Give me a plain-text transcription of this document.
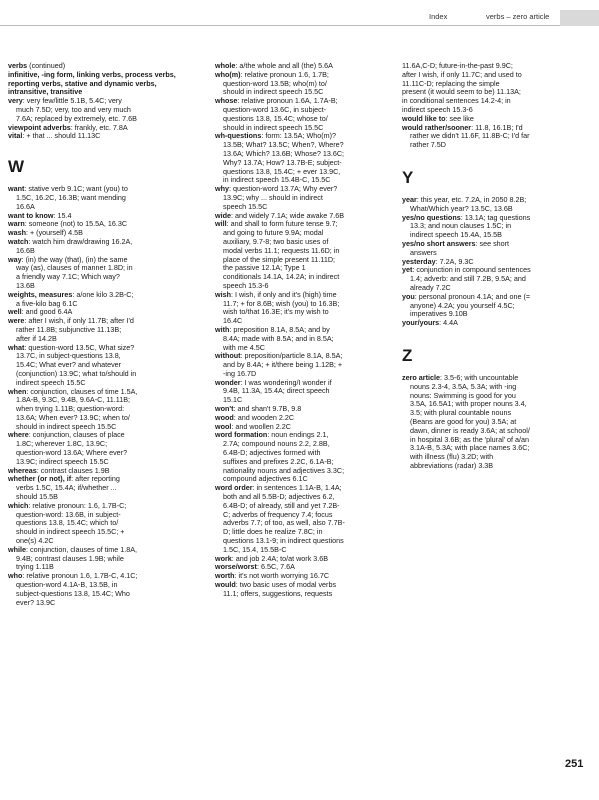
Index	verbs – zero article
verbs (continued)
infinitive, -ing form, linking verbs, process verbs, reporting verbs, stative and dynamic verbs, intransitive, transitive
very: very few/little 5.1B, 5.4C; very
much 7.5D; very, too and very much
7.6A; replaced by extremely, etc. 7.6B
viewpoint adverbs: frankly, etc. 7.8A
vital: + that ... should 11.13C
W
want: stative verb 9.1C; want (you) to
1.5C, 16.2C, 16.3B; want mending
16.6A
want to know: 15.4
warn: someone (not) to 15.5A, 16.3C
wash: + (yourself) 4.5B
watch: watch him draw/drawing 16.2A,
16.6B
way: (in) the way (that), (in) the same
way (as), clauses of manner 1.8D; in
a friendly way 7.1C; Which way?
13.6B
weights, measures: a/one kilo 3.2B-C;
a five-kilo bag 6.1C
well: and good 6.4A
were: after I wish, if only 11.7B; after I'd
rather 11.8B; subjunctive 11.13B;
after if 14.2B
what: question-word 13.5C, What size?
13.7C, in subject-questions 13.8,
15.4C; What ever? and whatever
(conjunction) 13.9C; what to/should in
indirect speech 15.5C
when: conjunction, clauses of time 1.5A,
1.8A-B, 9.3C, 9.4B, 9.6A-C, 11.11B;
when trying 1.11B; question-word:
13.6A; When ever? 13.9C; when to/
should in indirect speech 15.5C
where: conjunction, clauses of place
1.8C; wherever 1.8C, 13.9C;
question-word 13.6A; Where ever?
13.9C; indirect speech 15.5C
whereas: contrast clauses 1.9B
whether (or not), if: after reporting
verbs 1.5C, 15.4A; if/whether ...
should 15.5B
which: relative pronoun: 1.6, 1.7B-C;
question-word: 13.6B, in subject-
questions 13.8, 15.4C; which to/
should in indirect speech 15.5C; +
one(s) 4.2C
while: conjunction, clauses of time 1.8A,
9.4B; contrast clauses 1.9B; while
trying 1.11B
who: relative pronoun 1.6, 1.7B-C, 4.1C;
question-word 4.1A-B, 13.5B, in
subject-questions 13.8, 15.4C; Who
ever? 13.9C
whole: a/the whole and all (the) 5.6A
who(m): relative pronoun 1.6, 1.7B;
question-word 13.5B; who(m) to/
should in indirect speech 15.5C
whose: relative pronoun 1.6A, 1.7A-B;
question-word 13.6C, in subject-
questions 13.8, 15.4C; whose to/
should in indirect speech 15.5C
wh-questions: form: 13.5A; Who(m)?
13.5B; What? 13.5C; When?, Where?
13.6A; Which? 13.6B; Whose? 13.6C;
Why? 13.7A; How? 13.7B-E; subject-
questions 13.8, 15.4C; + ever 13.9C,
in indirect speech 15.4B-C, 15.5C
why: question-word 13.7A; Why ever?
13.9C; why ... should in indirect
speech 15.5C
wide: and widely 7.1A; wide awake 7.6B
will: and shall to form future tense 9.7;
and going to future 9.9A; modal
auxiliary, 9.7-8; two basic uses of
modal verbs 11.1; requests 11.6D; in
place of the simple present 11.11D;
the passive 12.1A; Type 1
conditionals 14.1A, 14.2A; in indirect
speech 15.3-6
wish: I wish, if only and it's (high) time
11.7; + for 8.6B; wish (you) to 16.3B;
wish to/that 16.3E; it's my wish to
16.4C
with: preposition 8.1A, 8.5A; and by
8.4A; made with 8.5A; and in 8.5A;
with me 4.5C
without: preposition/particle 8.1A, 8.5A;
and by 8.4A; + it/there being 1.12B; +
-ing 16.7D
wonder: I was wondering/I wonder if
9.4B, 11.3A, 15.4A; direct speech
15.1C
won't: and shan't 9.7B, 9.8
wood: and wooden 2.2C
wool: and woollen 2.2C
word formation: noun endings 2.1,
2.7A; compound nouns 2.2, 2.8B,
6.4B-D; adjectives formed with
suffixes and prefixes 2.2C, 6.1A-B;
nationality nouns and adjectives 3.3C;
compound adjectives 6.1C
word order: in sentences 1.1A-B, 1.4A;
both and all 5.5B-D; adjectives 6.2,
6.4B-D; of already, still and yet 7.2B-
C; adverbs of frequency 7.4; focus
adverbs 7.7; of too, as well, also 7.7B-
D; little does he realize 7.8C; in
questions 13.1-9; in indirect questions
1.5C, 15.4, 15.5B-C
work: and job 2.4A; to/at work 3.6B
worse/worst: 6.5C, 7.6A
worth: it's not worth worrying 16.7C
would: two basic uses of modal verbs
11.1; offers, suggestions, requests
11.6A,C-D; future-in-the-past 9.9C;
after I wish, if only 11.7C; and used to
11.11C-D; replacing the simple
present (it would seem to be) 11.13A;
in conditional sentences 14.2-4; in
indirect speech 15.3-6
would like to: see like
would rather/sooner: 11.8, 16.1B; I'd
rather we didn't 11.6F, 11.8B-C; I'd far
rather 7.5D
Y
year: this year, etc. 7.2A, in 2050 8.2B;
What/Which year? 13.5C, 13.6B
yes/no questions: 13.1A; tag questions
13.3; and noun clauses 1.5C; in
indirect speech 15.4A, 15.5B
yes/no short answers: see short
answers
yesterday: 7.2A, 9.3C
yet: conjunction in compound sentences
1.4; adverb: and still 7.2B, 9.5A; and
already 7.2C
you: personal pronoun 4.1A; and one (=
anyone) 4.2A; you yourself 4.5C;
imperatives 9.10B
your/yours: 4.4A
Z
zero article: 3.5-6; with uncountable
nouns 2.3-4, 3.5A, 5.3A; with -ing
nouns: Swimming is good for you
3.5A, 16.5A1; with proper nouns 3.4,
3.5; with plural countable nouns
(Beans are good for you) 3.5A; at
dawn, dinner is ready 3.6A; at school/
in hospital 3.6B; as the 'plural' of a/an
3.1A-B, 5.3A; with place names 3.6C;
with illness (flu) 3.2D; with
abbreviations (radar) 3.3B
251
